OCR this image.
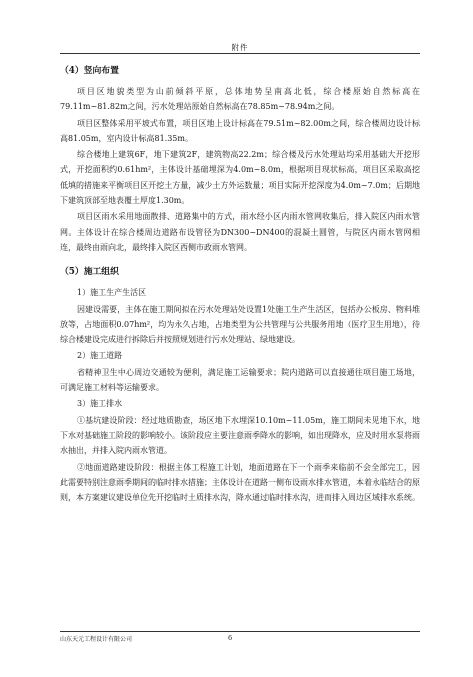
附件
（4）竖向布置

项目区地貌类型为山前倾斜平原，总体地势呈南高北低，综合楼原始自然标高在79.11m~81.82m之间，污水处理站原始自然标高在78.85m~78.94m之间。

项目区整体采用平坡式布置，项目区地上设计标高在79.51m~82.00m之间，综合楼周边设计标高81.05m，室内设计标高81.35m。

综合楼地上建筑6F，地下建筑2F，建筑物高22.2m；综合楼及污水处理站均采用基础大开挖形式，开挖面积约0.61hm²，主体设计基础埋深为4.0m~8.0m，根据项目现状标高，项目区采取高挖低填的措施来平衡项目区开挖土方量，减少土方外运数量；项目实际开挖深度为4.0m~7.0m；后期地下建筑顶部至地表覆土厚度1.30m。

项目区雨水采用地面散排、道路集中的方式，雨水经小区内雨水管网收集后，排入院区内雨水管网。主体设计在综合楼周边道路布设管径为DN300~DN400的混凝土圆管，与院区内雨水管网相连，最终由雨向北，最终排入院区西侧市政雨水管网。

（5）施工组织

1）施工生产生活区

因建设需要，主体在施工期间拟在污水处理站处设置1处施工生产生活区，包括办公板房、物料堆放等，占地面积0.07hm²，均为永久占地，占地类型为公共管理与公共服务用地（医疗卫生用地），待综合楼建设完成进行拆除后并按照规划进行污水处理站、绿地建设。

2）施工道路

省精神卫生中心周边交通较为便利，满足施工运输要求；院内道路可以直接通往项目施工场地，可满足施工材料等运输要求。

3）施工排水

①基坑建设阶段：经过地质勘查，场区地下水埋深10.10m~11.05m，施工期间未见地下水，地下水对基础施工阶段的影响较小。该阶段应主要注意雨季降水的影响，如出现降水，应及时用水泵将雨水抽出，并排入院内雨水管道。

②地面道路建设阶段：根据主体工程施工计划，地面道路在下一个雨季来临前不会全部完工，因此需要特别注意雨季期间的临时排水措施；主体设计在道路一侧布设雨水排水管道，本着永临结合的原则，本方案建议建设单位先开挖临时土质排水沟，降水通过临时排水沟，进而排入周边区域排水系统。

山东天元工程设计有限公司	6
